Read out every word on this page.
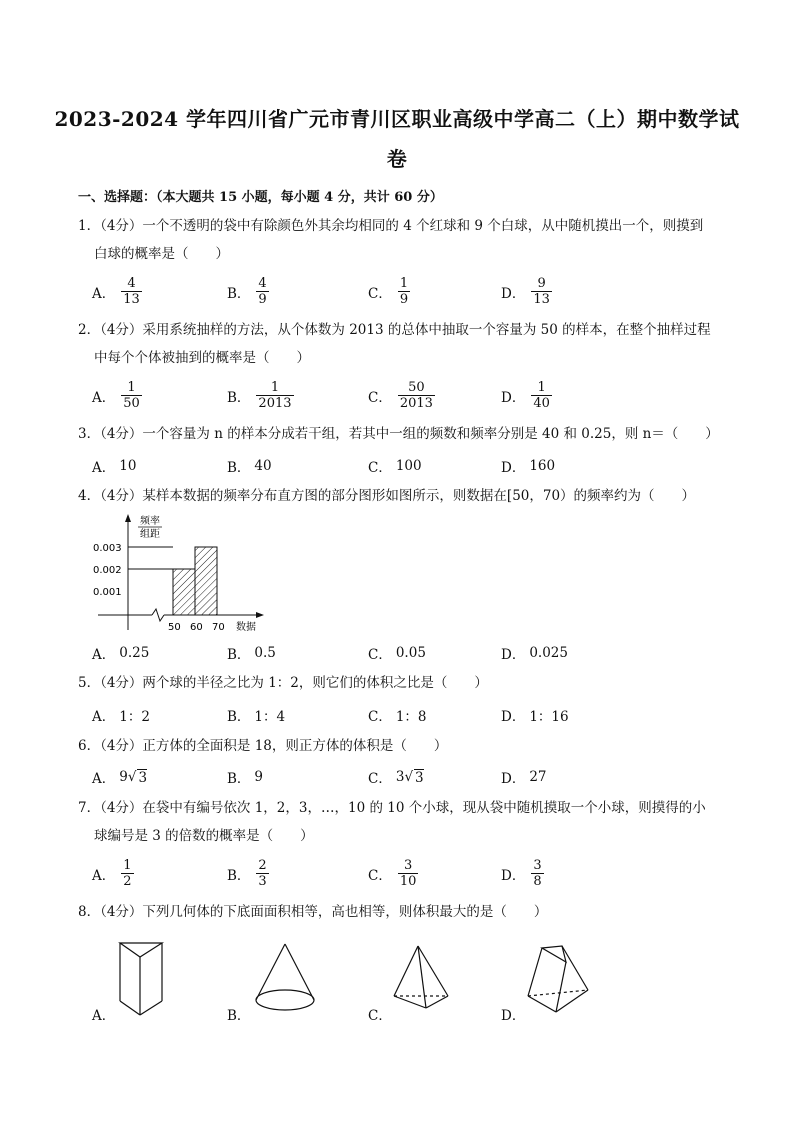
2023-2024 学年四川省广元市青川区职业高级中学高二（上）期中数学试
卷
一、选择题：（本大题共 15 小题，每小题 4 分，共计 60 分）
1．（4分）一个不透明的袋中有除颜色外其余均相同的 4 个红球和 9 个白球，从中随机摸出一个，则摸到
白球的概率是（　　）
A． $\frac{4}{13}$	B． $\frac{4}{9}$	C． $\frac{1}{9}$	D． $\frac{9}{13}$
2．（4分）采用系统抽样的方法，从个体数为 2013 的总体中抽取一个容量为 50 的样本，在整个抽样过程
中每个个体被抽到的概率是（　　）
A． $\frac{1}{50}$	B． $\frac{1}{2013}$	C． $\frac{50}{2013}$	D． $\frac{1}{40}$
3．（4分）一个容量为 n 的样本分成若干组，若其中一组的频数和频率分别是 40 和 0.25，则 n＝（　　）
A． 10	B． 40	C． 100	D． 160
4．（4分）某样本数据的频率分布直方图的部分图形如图所示，则数据在[50，70）的频率约为（　　）
频率
组距
0.003
0.002
0.001
50 60 70 数据
A． 0.25	B． 0.5	C． 0.05	D． 0.025
5．（4分）两个球的半径之比为 1：2，则它们的体积之比是（　　）
A． 1：2	B． 1：4	C． 1：8	D． 1：16
6．（4分）正方体的全面积是 18，则正方体的体积是（　　）
A． 9 √ 3	B． 9	C． 3 √ 3	D． 27
7．（4分）在袋中有编号依次 1，2，3，…，10 的 10 个小球，现从袋中随机摸取一个小球，则摸得的小
球编号是 3 的倍数的概率是（　　）
A． $\frac{1}{2}$	B． $\frac{2}{3}$	C． $\frac{3}{10}$	D． $\frac{3}{8}$
8．（4分）下列几何体的下底面面积相等，高也相等，则体积最大的是（　　）
A．	B．	C．	D．
